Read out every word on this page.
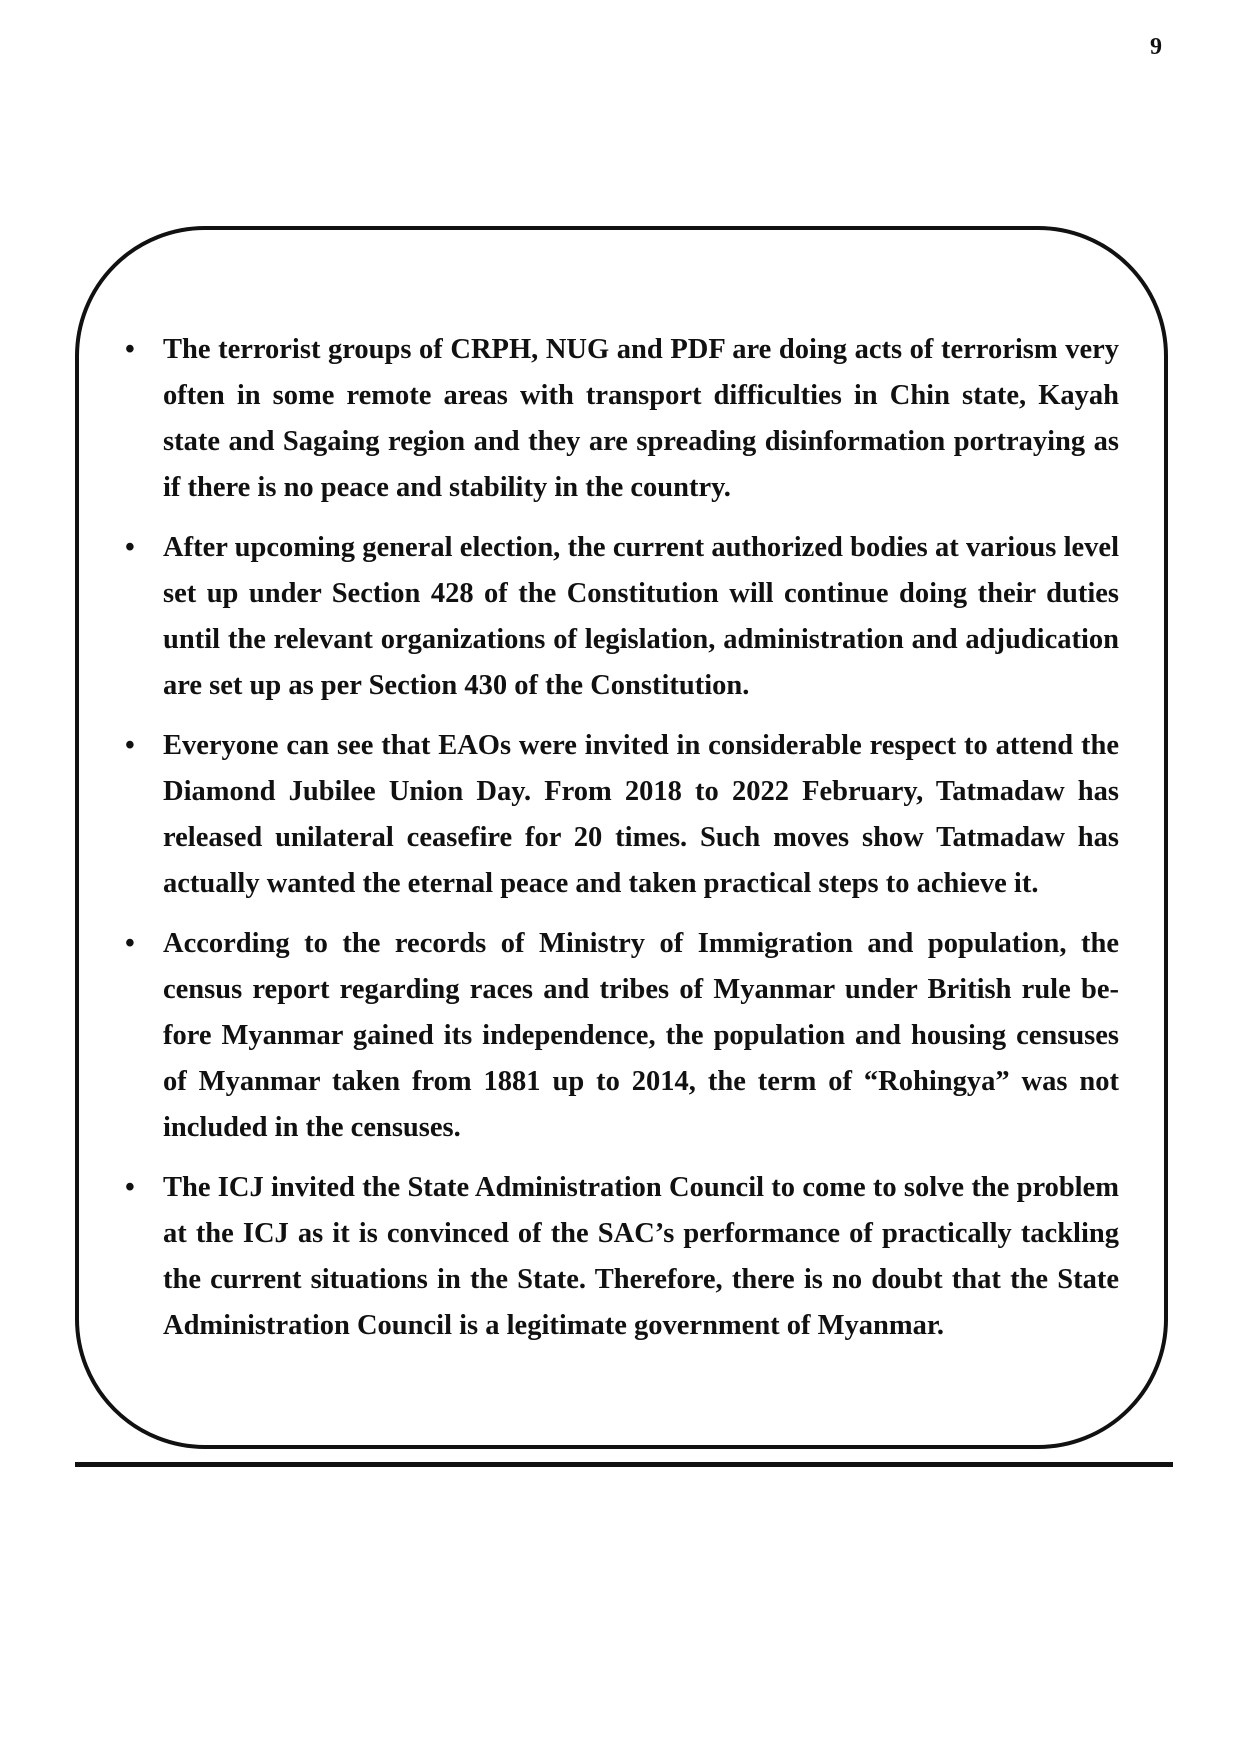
9
• The terrorist groups of CRPH, NUG and PDF are doing acts of terrorism very often in some remote areas with transport difficulties in Chin state, Kayah state and Sagaing region and they are spreading disinformation portraying as if there is no peace and stability in the country.
• After upcoming general election, the current authorized bodies at various level set up under Section 428 of the Constitution will continue doing their duties until the relevant organizations of legislation, administration and adjudication are set up as per Section 430 of the Constitution.
• Everyone can see that EAOs were invited in considerable respect to attend the Diamond Jubilee Union Day. From 2018 to 2022 February, Tatmadaw has released unilateral ceasefire for 20 times. Such moves show Tatmadaw has actually wanted the eternal peace and taken practical steps to achieve it.
• According to the records of Ministry of Immigration and population, the census report regarding races and tribes of Myanmar under British rule before Myanmar gained its independence, the population and housing censuses of Myanmar taken from 1881 up to 2014, the term of “Rohingya” was not included in the censuses.
• The ICJ invited the State Administration Council to come to solve the problem at the ICJ as it is convinced of the SAC’s performance of practically tackling the current situations in the State. Therefore, there is no doubt that the State Administration Council is a legitimate government of Myanmar.
